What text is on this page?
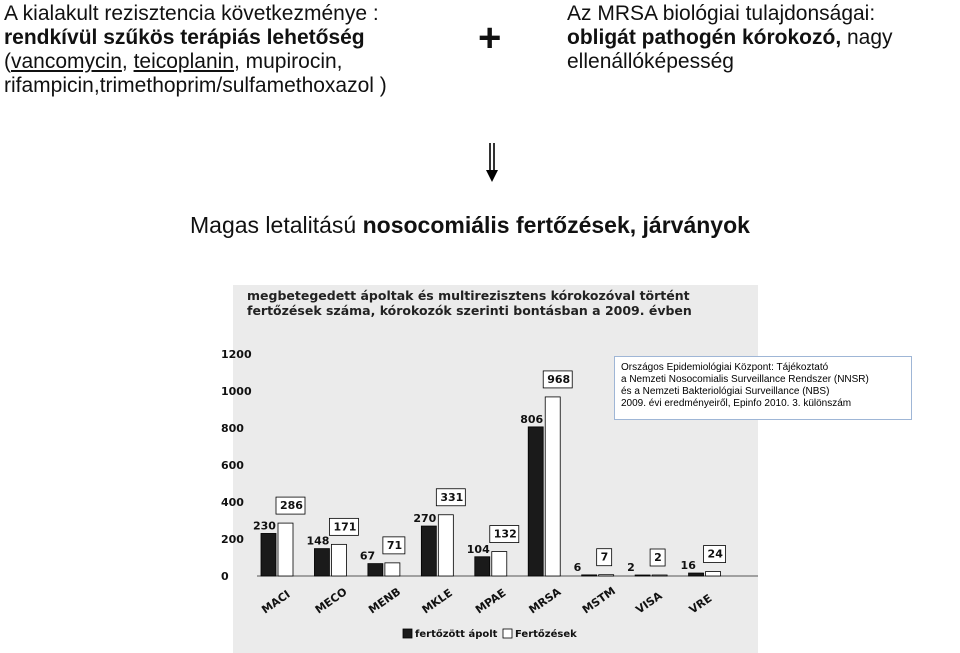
A kialakult rezisztencia következménye :
rendkívül szűkös terápiás lehetőség
(vancomycin, teicoplanin, mupirocin,
rifampicin,trimethoprim/sulfamethoxazol )
+
Az MRSA biológiai tulajdonságai:
obligát pathogén kórokozó, nagy ellenállóképesség
Magas letalitású nosocomiális fertőzések, járványok
megbetegedett ápoltak és multirezisztens kórokozóval történt
fertőzések száma, kórokozók szerinti bontásban a 2009. évben
0
200
400
600
800
1000
1200
230
286
148
171
67
71
270
331
104
132
806
968
6
7
2
2
16
24
MACI MECO MENB MKLE MPAE MRSA MSTM VISA VRE
fertőzött ápolt Fertőzések
Országos Epidemiológiai Központ: Tájékoztató
a Nemzeti Nosocomialis Surveillance Rendszer (NNSR)
és a Nemzeti Bakteriológiai Surveillance (NBS)
2009. évi eredményeiről, Epinfo 2010. 3. különszám
